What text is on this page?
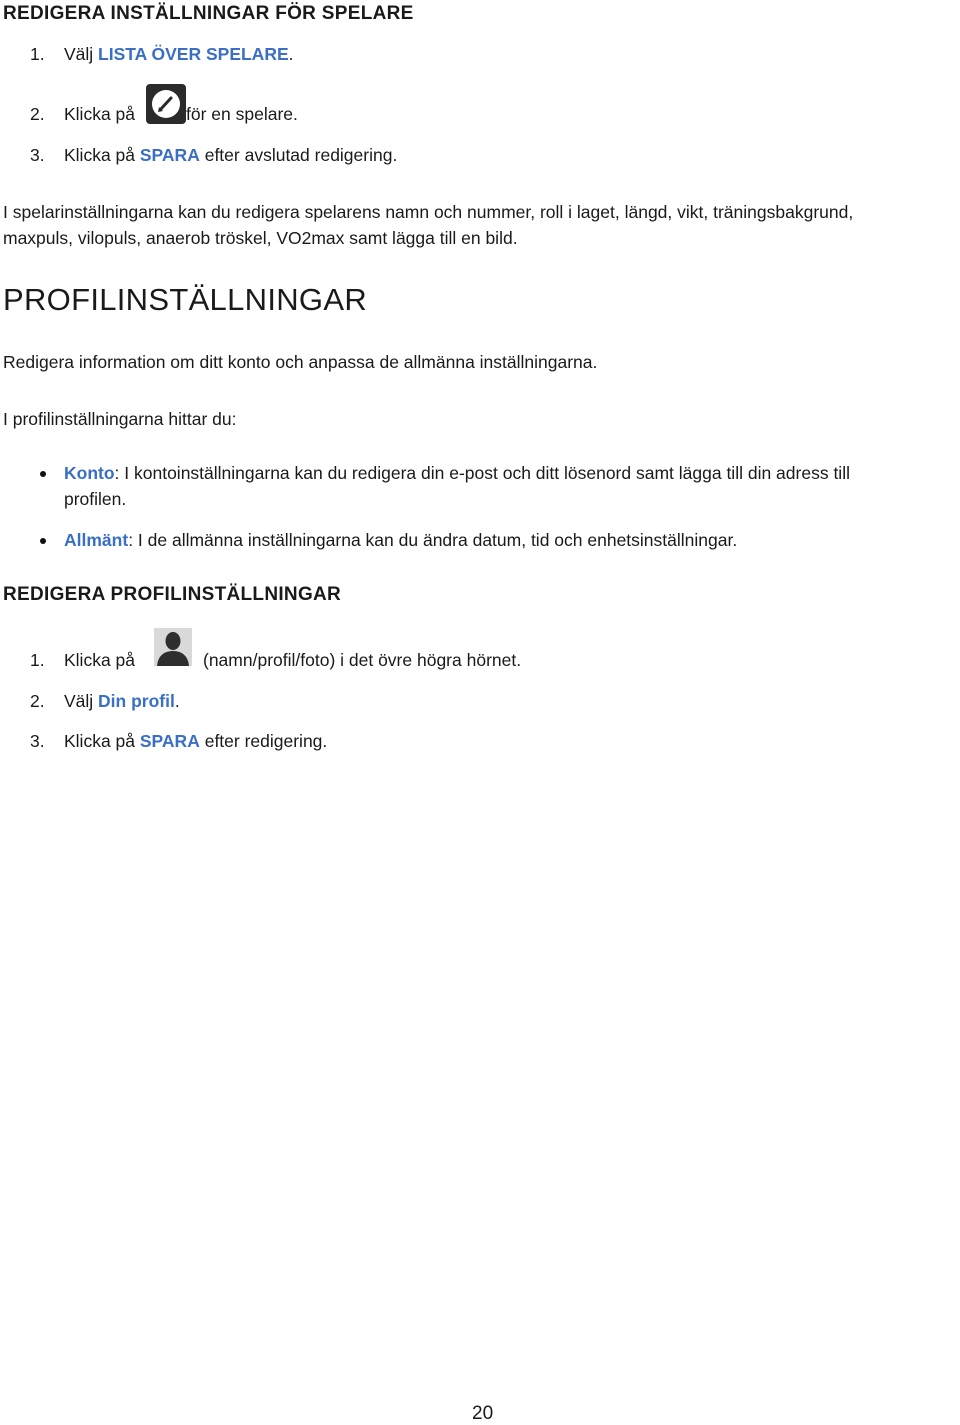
REDIGERA INSTÄLLNINGAR FÖR SPELARE
1. Välj LISTA ÖVER SPELARE.
2. Klicka på	för en spelare.
3. Klicka på SPARA efter avslutad redigering.
I spelarinställningarna kan du redigera spelarens namn och nummer, roll i laget, längd, vikt, träningsbakgrund,
maxpuls, vilopuls, anaerob tröskel, VO2max samt lägga till en bild.
PROFILINSTÄLLNINGAR
Redigera information om ditt konto och anpassa de allmänna inställningarna.
I profilinställningarna hittar du:
Konto: I kontoinställningarna kan du redigera din e-post och ditt lösenord samt lägga till din adress till
profilen.
Allmänt: I de allmänna inställningarna kan du ändra datum, tid och enhetsinställningar.
REDIGERA PROFILINSTÄLLNINGAR
1. Klicka på	(namn/profil/foto) i det övre högra hörnet.
2. Välj Din profil.
3. Klicka på SPARA efter redigering.
20
